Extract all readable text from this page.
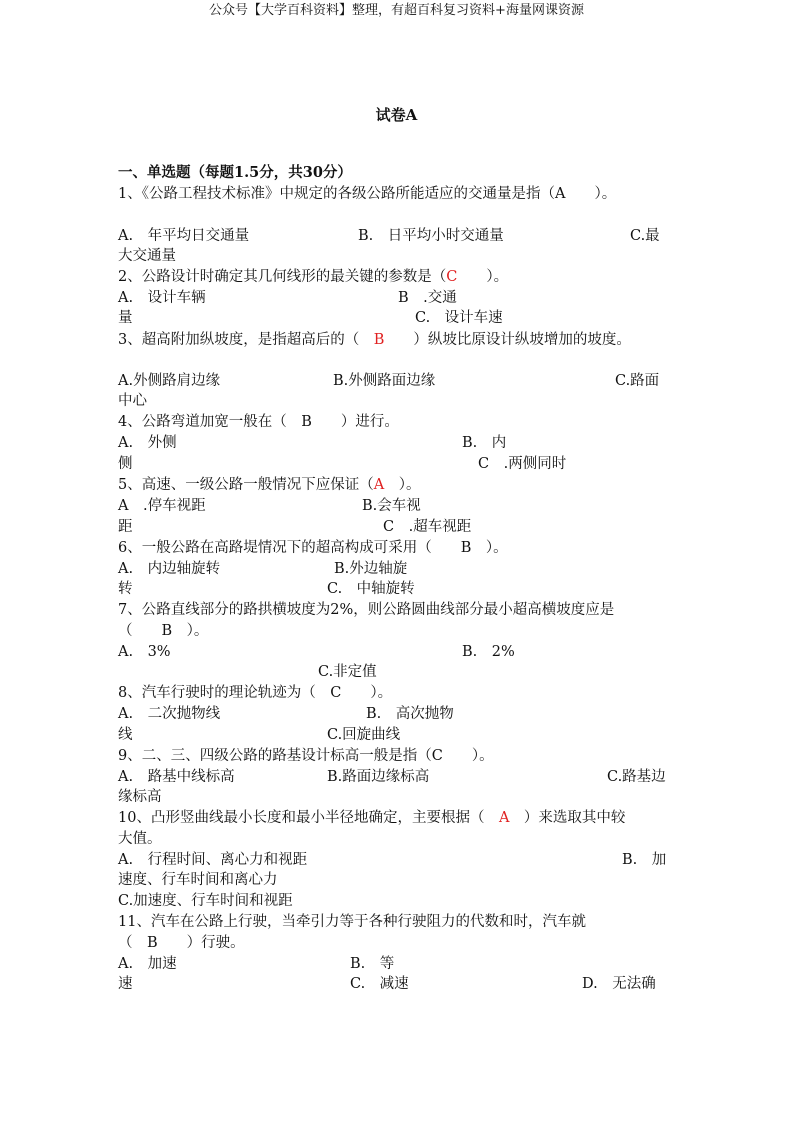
公众号【大学百科资料】整理，有超百科复习资料+海量网课资源
试卷A
一、单选题（每题1.5分，共30分）
1、《公路工程技术标准》中规定的各级公路所能适应的交通量是指（A　　）。
A.　年平均日交通量	B.　日平均小时交通量	C.最
大交通量
2、公路设计时确定其几何线形的最关键的参数是（C　　）。
A.　设计车辆	B　.交通
量	C.　设计车速
3、超高附加纵坡度，是指超高后的（　B　　）纵坡比原设计纵坡增加的坡度。
A.外侧路肩边缘	B.外侧路面边缘	C.路面
中心
4、公路弯道加宽一般在（　B　　）进行。
A.　外侧	B.　内
侧	C　.两侧同时
5、高速、一级公路一般情况下应保证（A　）。
A　.停车视距	B.会车视
距	C　.超车视距
6、一般公路在高路堤情况下的超高构成可采用（　　B　）。
A.　内边轴旋转	B.外边轴旋
转	C.　中轴旋转
7、公路直线部分的路拱横坡度为2%，则公路圆曲线部分最小超高横坡度应是
（　　B　）。
A.　3%	B.　2%
C.非定值
8、汽车行驶时的理论轨迹为（　C　　）。
A.　二次抛物线	B.　高次抛物
线	C.回旋曲线
9、二、三、四级公路的路基设计标高一般是指（C　　）。
A.　路基中线标高	B.路面边缘标高	C.路基边
缘标高
10、凸形竖曲线最小长度和最小半径地确定，主要根据（　A　）来选取其中较
大值。
A.　行程时间、离心力和视距	B.　加
速度、行车时间和离心力
C.加速度、行车时间和视距
11、汽车在公路上行驶，当牵引力等于各种行驶阻力的代数和时，汽车就
（　B　　）行驶。
A.　加速	B.　等
速	C.　减速	D.　无法确
